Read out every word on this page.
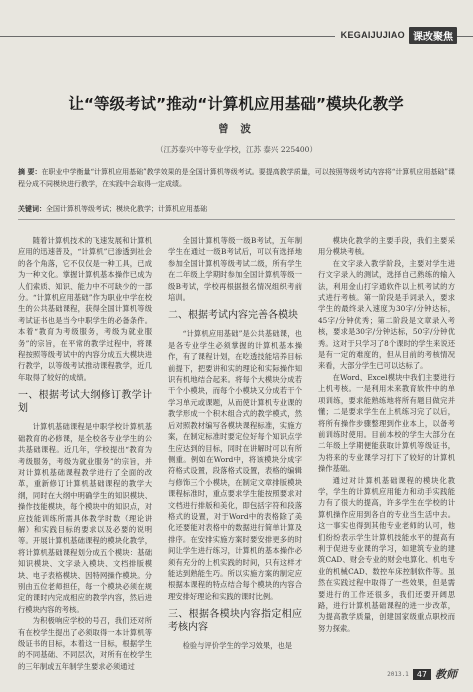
KEGAIJUJIAO 课改聚焦
让“等级考试”推动“计算机应用基础”模块化教学
曾 波
（江苏泰兴中等专业学校，江苏 泰兴 225400）
摘 要：在职业中学衡量“计算机应用基础”教学效果的是全国计算机等级考试。要提高教学质量，可以按照等级考试内容将“计算机应用基础”课程分成不同模块进行教学，在实践中会取得一定成绩。
关键词：全国计算机等级考试；模块化教学；计算机应用基础

随着计算机技术的飞速发展和计算机应用的迅速普及，“计算机”已渗透到社会的各个角落，它不仅仅是一种工具，已成为一种文化。掌握计算机基本操作已成为人们索质、知识、能力中不可缺少的一部分。“计算机应用基础”作为职业中学在校生的公共基础课程，获得全国计算机等级考试证书也是当今中职学生的必备条件。本着“教育为考级服务，考级为就业服务”的宗旨，在平常的教学过程中，将课程按照等级考试中的内容分成五大模块进行教学，以等级考试推动课程教学，近几年取得了较好的成绩。

一、根据考试大纲修订教学计划

计算机基础课程是中职学校计算机基础教育的必修课，是全校各专业学生的公共基础课程。近几年，学校提出“教育为考级服务，考级为就业服务”的宗旨，并对计算机基础课程教学进行了全面的改革，重新修订计算机基础课程的教学大纲，同时在大纲中明确学生的知识模块、操作技能模块，每个模块中的知识点，对应技能训练所需具体教学时数（理论讲解）和实践目标的要求以及必要的说明等。开展计算机基础课程的模块化教学，将计算机基础课程划分成五个模块：基础知识模块、文字录入模块、文档排版模块、电子表格模块、因特网操作模块。分别由五位老师担任，每一个模块必须在规定的课时内完成相应的教学内容，然后进行模块内容的考核。

为积极响应学校的号召，我们还对所有在校学生提出了必须取得一本计算机等级证书的目标，本着这一目标，根据学生的不同基础、不同层次，对所有在校学生的三年制或五年制学生要求必须通过

全国计算机等级一级B考试，五年制学生在通过一级B考试后，可以有选择地参加全国计算机等级考试二级，所有学生在二年级上学期时参加全国计算机等级一级B考试，学校再根据报名情况组织考前培训。

二、根据考试内容完善各模块

“计算机应用基础”是公共基础课，也是各专业学生必须掌握的计算机基本操作，有了课程计划，在吃透技能培养目标前提下，把要讲和实的理论和实际操作知识有机地结合起来。将每个大模块分成若干个小模块，而每个小模块又分成若干个学习单元或课题，从而使计算机专业课的教学形成一个积木组合式的教学模式，然后对照教材编写各模块课程标准，实施方案，在制定标准时要定位好每个知识点学生应达到的目标，同时在讲解时可以有所侧重。例如在Word中，将该模块分成字符格式设置，段落格式设置，表格的编辑与修饰三个小模块，在制定文章排版模块课程标准时，重点要求学生能按照要求对文档进行排版和美化，即包括字符和段落格式的设置，对于Word中的表格除了美化还要能对表格中的数据进行简单计算及排序。在安排实施方案时要安排更多的时间让学生进行练习，计算机的基本操作必须有充分的上机实践的时间，只有这样才能达到熟能生巧。所以实施方案的制定应根据本课程的特点结合每个模块的内容合理安排好理论和实践的课时比例。

三、根据各模块内容指定相应考核内容

检验与评价学生的学习效果，也是

模块化教学的主要手段，我们主要采用分模块考核。

在文字录入教学阶段，主要对学生进行文字录入的测试，选择自己熟练的输入法，利用金山打字通软件以上机考试的方式进行考核。第一阶段是手词录入，要求学生的最终录入速度为30字/分钟达标，45字/分钟优秀；第二阶段是文章录入考核，要求是30字/分钟达标，50字/分钟优秀。这对于只学习了8个课时的学生来说还是有一定的难度的，但从目前的考核情况来看，大部分学生已可以达标了。

在Word、Excel模块中我们主要进行上机考核。一是利用未来教育软件中的单项训练，要求能熟练地将所有题目做完并懂；二是要求学生在上机练习完了以后，将所有操作步骤整理到作业本上，以备考前训练时使用。目前本校的学生大部分在二年级上学期便能获取计算机等级证书，为将来的专业课学习打下了较好的计算机操作基础。

通过对计算机基础课程的模块化教学，学生的计算机应用能力和动手实践能力有了很大的提高，许多学生在学校的计算机操作应用到各自的专业当生活中去。这一事实也得到其他专业老师的认可，他们纷纷表示学生计算机技能水平的提高有利于促进专业课的学习，如建筑专业的建筑CAD、财会专业的财会电算化、机电专业的机械CAD、数控车床控制软件等。虽然在实践过程中取得了一些效果，但是需要进行的工作还很多，我们还要开阔思路，进行计算机基础课程的进一步改革，为提高教学质量，创建国家级重点职校而努力探索。

2013.1	47 教师
